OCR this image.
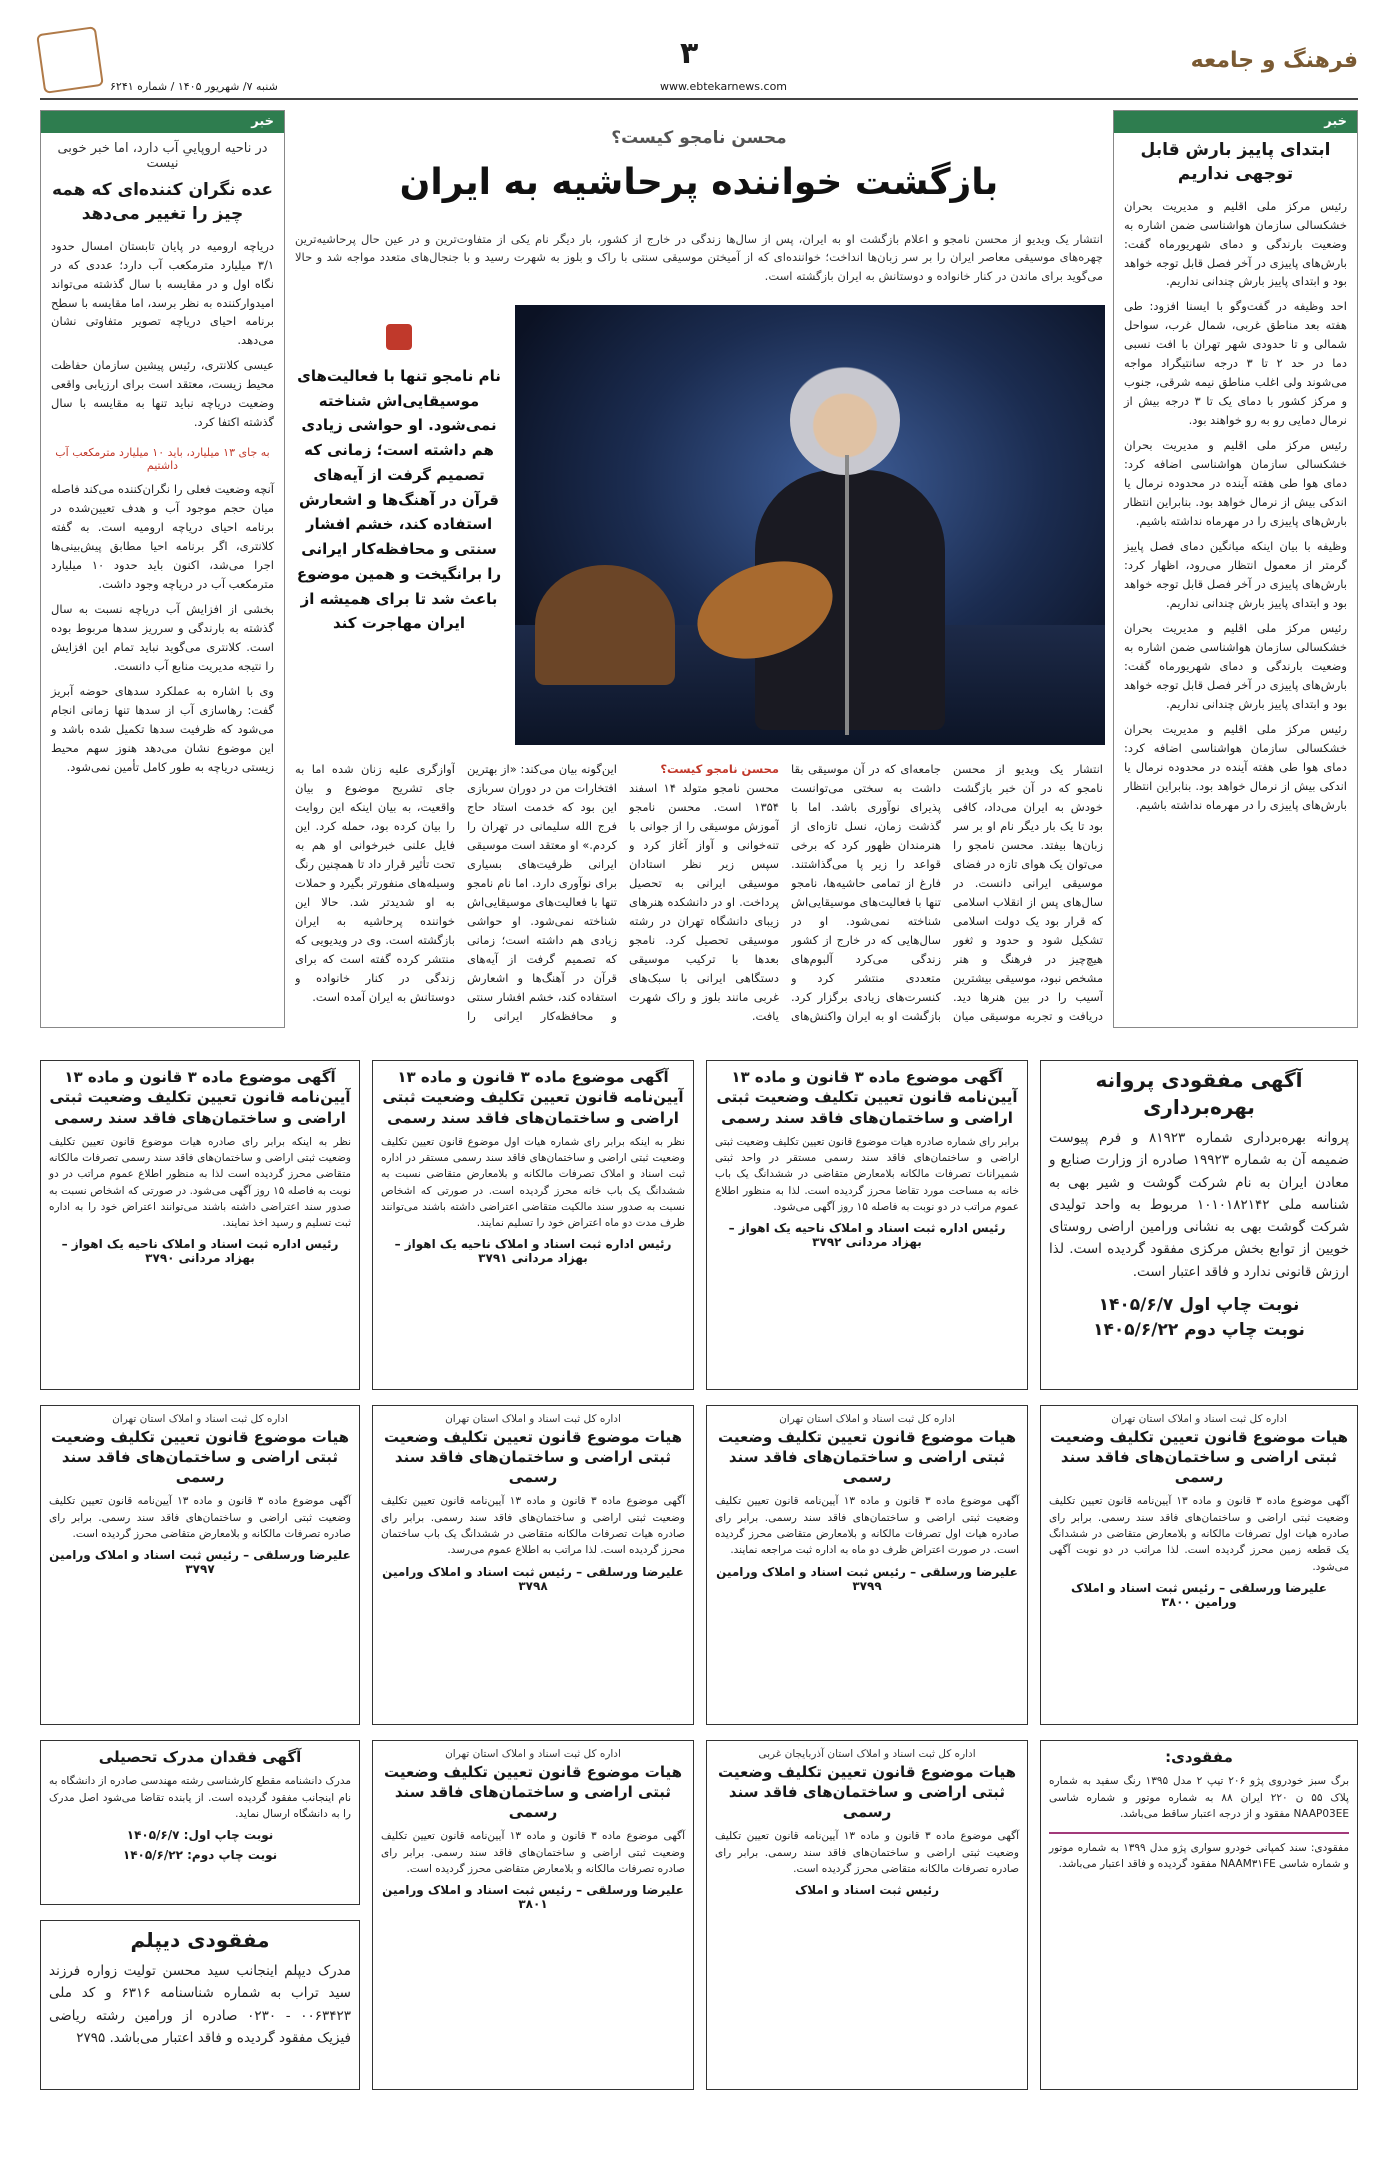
شنبه ۷/ شهریور ۱۴۰۵ / شماره ۶۲۴۱
۳
www.ebtekarnews.com
فرهنگ و جامعه
خبر
ابتدای پاییز بارش قابل توجهی نداریم

رئیس مرکز ملی اقلیم و مدیریت بحران خشکسالی سازمان هواشناسی ضمن اشاره به وضعیت بارندگی و دمای شهریورماه گفت: بارش‌های پاییزی در آخر فصل قابل توجه خواهد بود و ابتدای پاییز بارش چندانی نداریم.

احد وظیفه در گفت‌وگو با ایسنا افزود: طی هفته بعد مناطق غربی، شمال غرب، سواحل شمالی و تا حدودی شهر تهران با افت نسبی دما در حد ۲ تا ۳ درجه سانتیگراد مواجه می‌شوند ولی اغلب مناطق نیمه شرقی، جنوب و مرکز کشور با دمای یک تا ۳ درجه بیش از نرمال دمایی رو به رو خواهند بود.

رئیس مرکز ملی اقلیم و مدیریت بحران خشکسالی سازمان هواشناسی اضافه کرد: دمای هوا طی هفته آینده در محدوده نرمال یا اندکی بیش از نرمال خواهد بود. بنابراین انتظار بارش‌های پاییزی را در مهرماه نداشته باشیم.

وظیفه با بیان اینکه میانگین دمای فصل پاییز گرمتر از معمول انتظار می‌رود، اظهار کرد: بارش‌های پاییزی در آخر فصل قابل توجه خواهد بود و ابتدای پاییز بارش چندانی نداریم.

رئیس مرکز ملی اقلیم و مدیریت بحران خشکسالی سازمان هواشناسی ضمن اشاره به وضعیت بارندگی و دمای شهریورماه گفت: بارش‌های پاییزی در آخر فصل قابل توجه خواهد بود و ابتدای پاییز بارش چندانی نداریم.

رئیس مرکز ملی اقلیم و مدیریت بحران خشکسالی سازمان هواشناسی اضافه کرد: دمای هوا طی هفته آینده در محدوده نرمال یا اندکی بیش از نرمال خواهد بود. بنابراین انتظار بارش‌های پاییزی را در مهرماه نداشته باشیم.

خبر
در ناحیه اروپاییِ آب دارد، اما خبر خوبی نیست
عده نگران کننده‌ای که همه چیز را تغییر می‌دهد

دریاچه ارومیه در پایان تابستان امسال حدود ۳/۱ میلیارد مترمکعب آب دارد؛ عددی که در نگاه اول و در مقایسه با سال گذشته می‌تواند امیدوارکننده به نظر برسد، اما مقایسه با سطح برنامه احیای دریاچه تصویر متفاوتی نشان می‌دهد.

عیسی کلانتری، رئیس پیشین سازمان حفاظت محیط زیست، معتقد است برای ارزیابی واقعی وضعیت دریاچه نباید تنها به مقایسه با سال گذشته اکتفا کرد.

به جای ۱۳ میلیارد، باید ۱۰ میلیارد مترمکعب آب داشتیم

آنچه وضعیت فعلی را نگران‌کننده می‌کند فاصله میان حجم موجود آب و هدف تعیین‌شده در برنامه احیای دریاچه ارومیه است. به گفته کلانتری، اگر برنامه احیا مطابق پیش‌بینی‌ها اجرا می‌شد، اکنون باید حدود ۱۰ میلیارد مترمکعب آب در دریاچه وجود داشت.

بخشی از افزایش آب دریاچه نسبت به سال گذشته به بارندگی و سرریز سدها مربوط بوده است. کلانتری می‌گوید نباید تمام این افزایش را نتیجه مدیریت منابع آب دانست.

وی با اشاره به عملکرد سدهای حوضه آبریز گفت: رها‌سازی آب از سدها تنها زمانی انجام می‌شود که ظرفیت سدها تکمیل شده باشد و این موضوع نشان می‌دهد هنوز سهم محیط زیستی دریاچه به طور کامل تأمین نمی‌شود.

محسن نامجو کیست؟
بازگشت خواننده پرحاشیه به ایران
انتشار یک ویدیو از محسن نامجو و اعلام بازگشت او به ایران، پس از سال‌ها زندگی در خارج از کشور، بار دیگر نام یکی از متفاوت‌ترین و در عین حال پرحاشیه‌ترین چهره‌های موسیقی معاصر ایران را بر سر زبان‌ها انداخت؛ خواننده‌ای که از آمیختن موسیقی سنتی با راک و بلوز به شهرت رسید و با جنجال‌های متعدد مواجه شد و حالا می‌گوید برای ماندن در کنار خانواده و دوستانش به ایران بازگشته است.
نام نامجو تنها با فعالیت‌های موسیقایی‌اش شناخته نمی‌شود. او حواشی زیادی هم داشته است؛ زمانی که تصمیم گرفت از آیه‌های قرآن در آهنگ‌ها و اشعارش استفاده کند، خشم افشار سنتی و محافظه‌کار ایرانی را برانگیخت و همین موضوع باعث شد تا برای همیشه از ایران مهاجرت کند
انتشار یک ویدیو از محسن نامجو که در آن خبر بازگشت خودش به ایران می‌داد، کافی بود تا یک بار دیگر نام او بر سر زبان‌ها بیفتد. محسن نامجو را می‌توان یک هوای تازه در فضای موسیقی ایرانی دانست. در سال‌های پس از انقلاب اسلامی که قرار بود یک دولت اسلامی تشکیل شود و حدود و ثغور هیچ‌چیز در فرهنگ و هنر مشخص نبود، موسیقی بیشترین آسیب را در بین هنرها دید. دریافت و تجربه موسیقی میان
جامعه‌ای که در آن موسیقی بقا داشت به سختی می‌توانست پذیرای نوآوری باشد. اما با گذشت زمان، نسل تازه‌ای از هنرمندان ظهور کرد که برخی قواعد را زیر پا می‌گذاشتند. فارغ از تمامی حاشیه‌ها، نامجو تنها با فعالیت‌های موسیقایی‌اش شناخته نمی‌شود. او در سال‌هایی که در خارج از کشور زندگی می‌کرد آلبوم‌های متعددی منتشر کرد و کنسرت‌های زیادی برگزار کرد. بازگشت او به ایران واکنش‌های
محسن نامجو کیست؟
محسن نامجو متولد ۱۴ اسفند ۱۳۵۴ است. محسن نامجو آموزش موسیقی را از جوانی با تنه‌خوانی و آواز آغاز کرد و سپس زیر نظر استادان موسیقی ایرانی به تحصیل پرداخت. او در دانشکده هنرهای زیبای دانشگاه تهران در رشته موسیقی تحصیل کرد. نامجو بعدها با ترکیب موسیقی دستگاهی ایرانی با سبک‌های غربی مانند بلوز و راک شهرت یافت.
این‌گونه بیان می‌کند: «از بهترین افتخارات من در دوران سربازی این بود که خدمت استاد حاج فرج الله سلیمانی در تهران را کردم.» او معتقد است موسیقی ایرانی ظرفیت‌های بسیاری برای نوآوری دارد. اما نام نامجو تنها با فعالیت‌های موسیقایی‌اش شناخته نمی‌شود. او حواشی زیادی هم داشته است؛ زمانی که تصمیم گرفت از آیه‌های قرآن در آهنگ‌ها و اشعارش استفاده کند، خشم افشار سنتی و محافظه‌کار ایرانی را
آوازگری علیه زنان شده اما به جای تشریح موضوع و بیان واقعیت، به بیان اینکه این روایت را بیان کرده بود، حمله کرد. این فایل علنی خبرخوانی او هم به تحت تأثیر قرار داد تا همچنین رنگ وسیله‌های منفورتر بگیرد و حملات به او شدیدتر شد. حالا این خواننده پرحاشیه به ایران بازگشته است. وی در ویدیویی که منتشر کرده گفته است که برای زندگی در کنار خانواده و دوستانش به ایران آمده است.
آگهی مفقودی پروانه بهره‌برداری
پروانه بهره‌برداری شماره ۸۱۹۲۳ و فرم پیوست ضمیمه آن به شماره ۱۹۹۲۳ صادره از وزارت صنایع و معادن ایران به نام شرکت گوشت و شیر بهی به شناسه ملی ۱۰۱۰۱۸۲۱۴۲ مربوط به واحد تولیدی شرکت گوشت بهی به نشانی ورامین اراضی روستای خویین از توابع بخش مرکزی مفقود گردیده است. لذا ارزش قانونی ندارد و فاقد اعتبار است.
نوبت چاپ اول ۱۴۰۵/۶/۷
نوبت چاپ دوم ۱۴۰۵/۶/۲۲
آگهی موضوع ماده ۳ قانون و ماده ۱۳ آیین‌نامه قانون تعیین تکلیف وضعیت ثبتی اراضی و ساختمان‌های فاقد سند رسمی
برابر رای شماره صادره هیات موضوع قانون تعیین تکلیف وضعیت ثبتی اراضی و ساختمان‌های فاقد سند رسمی مستقر در واحد ثبتی شمیرانات تصرفات مالکانه بلامعارض متقاضی در ششدانگ یک باب خانه به مساحت مورد تقاضا محرز گردیده است. لذا به منظور اطلاع عموم مراتب در دو نوبت به فاصله ۱۵ روز آگهی می‌شود.
رئیس اداره ثبت اسناد و املاک ناحیه یک اهواز – بهزاد مردانی ۳۷۹۲
آگهی موضوع ماده ۳ قانون و ماده ۱۳ آیین‌نامه قانون تعیین تکلیف وضعیت ثبتی اراضی و ساختمان‌های فاقد سند رسمی
نظر به اینکه برابر رای شماره هیات اول موضوع قانون تعیین تکلیف وضعیت ثبتی اراضی و ساختمان‌های فاقد سند رسمی مستقر در اداره ثبت اسناد و املاک تصرفات مالکانه و بلامعارض متقاضی نسبت به ششدانگ یک باب خانه محرز گردیده است. در صورتی که اشخاص نسبت به صدور سند مالکیت متقاضی اعتراضی داشته باشند می‌توانند ظرف مدت دو ماه اعتراض خود را تسلیم نمایند.
رئیس اداره ثبت اسناد و املاک ناحیه یک اهواز – بهزاد مردانی ۳۷۹۱
آگهی موضوع ماده ۳ قانون و ماده ۱۳ آیین‌نامه قانون تعیین تکلیف وضعیت ثبتی اراضی و ساختمان‌های فاقد سند رسمی
نظر به اینکه برابر رای صادره هیات موضوع قانون تعیین تکلیف وضعیت ثبتی اراضی و ساختمان‌های فاقد سند رسمی تصرفات مالکانه متقاضی محرز گردیده است لذا به منظور اطلاع عموم مراتب در دو نوبت به فاصله ۱۵ روز آگهی می‌شود. در صورتی که اشخاص نسبت به صدور سند اعتراضی داشته باشند می‌توانند اعتراض خود را به اداره ثبت تسلیم و رسید اخذ نمایند.
رئیس اداره ثبت اسناد و املاک ناحیه یک اهواز – بهزاد مردانی ۳۷۹۰
اداره کل ثبت اسناد و املاک استان تهران
هیات موضوع قانون تعیین تکلیف وضعیت ثبتی اراضی و ساختمان‌های فاقد سند رسمی
آگهی موضوع ماده ۳ قانون و ماده ۱۳ آیین‌نامه قانون تعیین تکلیف وضعیت ثبتی اراضی و ساختمان‌های فاقد سند رسمی. برابر رای صادره هیات اول تصرفات مالکانه و بلامعارض متقاضی در ششدانگ یک قطعه زمین محرز گردیده است. لذا مراتب در دو نوبت آگهی می‌شود.
علیرضا ورسلقی – رئیس ثبت اسناد و املاک ورامین ۳۸۰۰
اداره کل ثبت اسناد و املاک استان تهران
هیات موضوع قانون تعیین تکلیف وضعیت ثبتی اراضی و ساختمان‌های فاقد سند رسمی
آگهی موضوع ماده ۳ قانون و ماده ۱۳ آیین‌نامه قانون تعیین تکلیف وضعیت ثبتی اراضی و ساختمان‌های فاقد سند رسمی. برابر رای صادره هیات اول تصرفات مالکانه و بلامعارض متقاضی محرز گردیده است. در صورت اعتراض ظرف دو ماه به اداره ثبت مراجعه نمایند.
علیرضا ورسلقی – رئیس ثبت اسناد و املاک ورامین ۳۷۹۹
اداره کل ثبت اسناد و املاک استان تهران
هیات موضوع قانون تعیین تکلیف وضعیت ثبتی اراضی و ساختمان‌های فاقد سند رسمی
آگهی موضوع ماده ۳ قانون و ماده ۱۳ آیین‌نامه قانون تعیین تکلیف وضعیت ثبتی اراضی و ساختمان‌های فاقد سند رسمی. برابر رای صادره هیات تصرفات مالکانه متقاضی در ششدانگ یک باب ساختمان محرز گردیده است. لذا مراتب به اطلاع عموم می‌رسد.
علیرضا ورسلقی – رئیس ثبت اسناد و املاک ورامین ۳۷۹۸
اداره کل ثبت اسناد و املاک استان تهران
هیات موضوع قانون تعیین تکلیف وضعیت ثبتی اراضی و ساختمان‌های فاقد سند رسمی
آگهی موضوع ماده ۳ قانون و ماده ۱۳ آیین‌نامه قانون تعیین تکلیف وضعیت ثبتی اراضی و ساختمان‌های فاقد سند رسمی. برابر رای صادره تصرفات مالکانه و بلامعارض متقاضی محرز گردیده است.
علیرضا ورسلقی – رئیس ثبت اسناد و املاک ورامین ۳۷۹۷
مفقودی:
برگ سبز خودروی پژو ۲۰۶ تیپ ۲ مدل ۱۳۹۵ رنگ سفید به شماره پلاک ۵۵ ن ۲۲۰ ایران ۸۸ به شماره موتور و شماره شاسی NAAP03EE مفقود و از درجه اعتبار ساقط می‌باشد.
مفقودی: سند کمپانی خودرو سواری پژو مدل ۱۳۹۹ به شماره موتور و شماره شاسی NAAM۳۱FE مفقود گردیده و فاقد اعتبار می‌باشد.
اداره کل ثبت اسناد و املاک استان آذربایجان غربی
هیات موضوع قانون تعیین تکلیف وضعیت ثبتی اراضی و ساختمان‌های فاقد سند رسمی
آگهی موضوع ماده ۳ قانون و ماده ۱۳ آیین‌نامه قانون تعیین تکلیف وضعیت ثبتی اراضی و ساختمان‌های فاقد سند رسمی. برابر رای صادره تصرفات مالکانه متقاضی محرز گردیده است.
رئیس ثبت اسناد و املاک
اداره کل ثبت اسناد و املاک استان تهران
هیات موضوع قانون تعیین تکلیف وضعیت ثبتی اراضی و ساختمان‌های فاقد سند رسمی
آگهی موضوع ماده ۳ قانون و ماده ۱۳ آیین‌نامه قانون تعیین تکلیف وضعیت ثبتی اراضی و ساختمان‌های فاقد سند رسمی. برابر رای صادره تصرفات مالکانه و بلامعارض متقاضی محرز گردیده است.
علیرضا ورسلقی – رئیس ثبت اسناد و املاک ورامین ۳۸۰۱
آگهی فقدان مدرک تحصیلی
مدرک دانشنامه مقطع کارشناسی رشته مهندسی صادره از دانشگاه به نام اینجانب مفقود گردیده است. از یابنده تقاضا می‌شود اصل مدرک را به دانشگاه ارسال نماید.
نوبت چاپ اول: ۱۴۰۵/۶/۷
نوبت چاپ دوم: ۱۴۰۵/۶/۲۲
مفقودی دیپلم
مدرک دیپلم اینجانب سید محسن تولیت زواره فرزند سید تراب به شماره شناسنامه ۶۳۱۶ و کد ملی ۰۰۶۳۴۲۳ - ۰۲۳۰ صادره از ورامین رشته ریاضی فیزیک مفقود گردیده و فاقد اعتبار می‌باشد. ۲۷۹۵
